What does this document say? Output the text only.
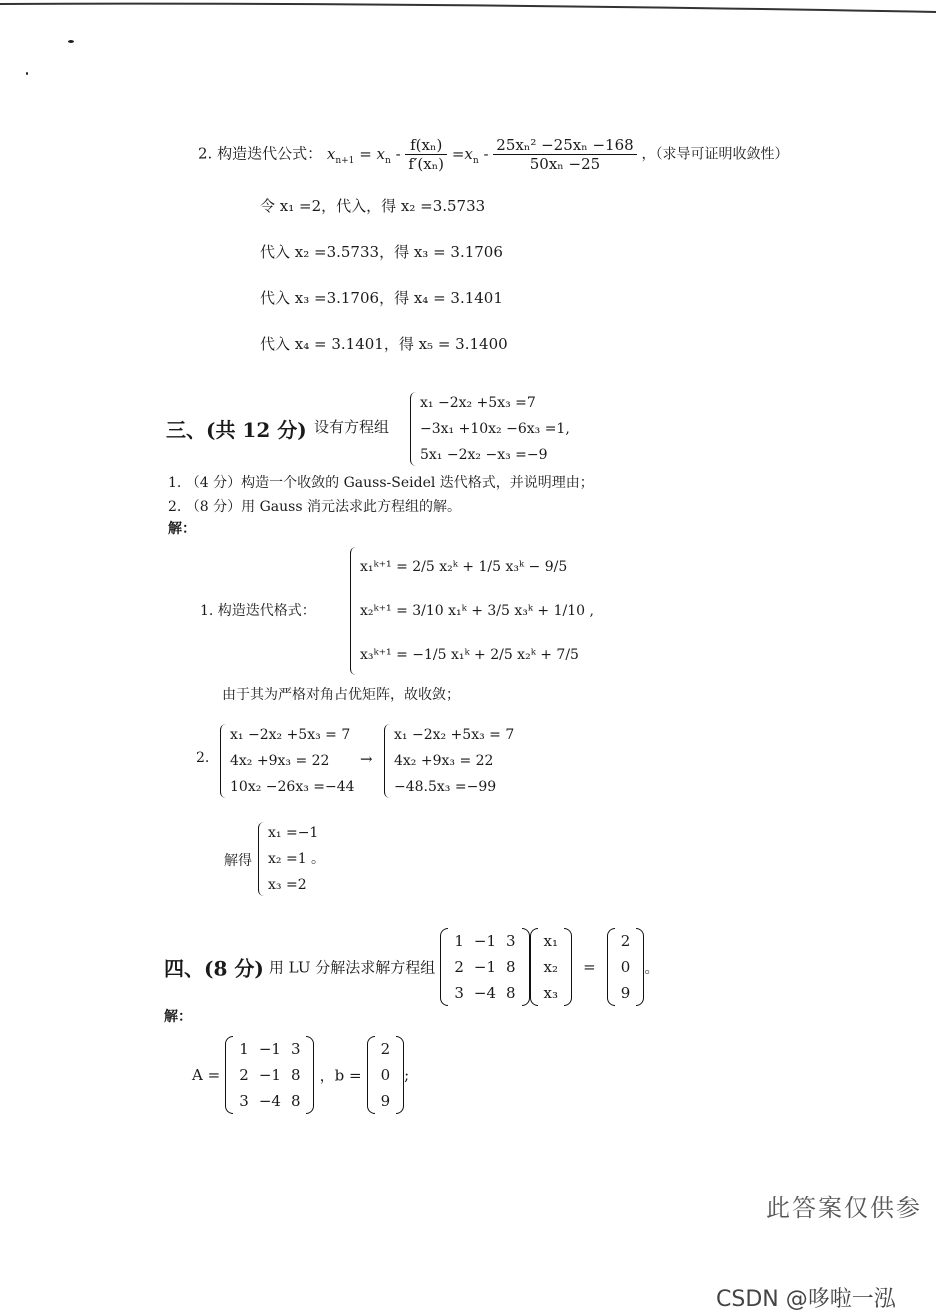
2. 构造迭代公式： $x_{n+1} = x_n - \frac{\text{f(xₙ)}}{\text{f′(xₙ)}} =x_n - \frac{\text{25xₙ² −25xₙ −168}}{\text{50xₙ −25}}$ ，（求导可证明收敛性）
令 x₁ =2，代入，得 x₂ =3.5733
代入 x₂ =3.5733，得 x₃ = 3.1706
代入 x₃ =3.1706，得 x₄ = 3.1401
代入 x₄ = 3.1401，得 x₅ = 3.1400
三、(共 12 分) 设有方程组
x₁ −2x₂ +5x₃ =7
−3x₁ +10x₂ −6x₃ =1,
5x₁ −2x₂ −x₃ =−9
1. （4 分）构造一个收敛的 Gauss-Seidel 迭代格式，并说明理由；
2. （8 分）用 Gauss 消元法求此方程组的解。
解：
1. 构造迭代格式：
x₁ᵏ⁺¹ = 2/5 x₂ᵏ + 1/5 x₃ᵏ − 9/5
x₂ᵏ⁺¹ = 3/10 x₁ᵏ + 3/5 x₃ᵏ + 1/10 ,
x₃ᵏ⁺¹ = −1/5 x₁ᵏ + 2/5 x₂ᵏ + 7/5
由于其为严格对角占优矩阵，故收敛；
2.
x₁ −2x₂ +5x₃ = 7
4x₂ +9x₃ = 22
10x₂ −26x₃ =−44
→
x₁ −2x₂ +5x₃ = 7
4x₂ +9x₃ = 22
−48.5x₃ =−99
解得
x₁ =−1
x₂ =1 。
x₃ =2
四、(8 分) 用 LU 分解法求解方程组
1	−1	3
2	−1	8
3	−4	8
x₁
x₂
x₃
=
2
0
9
。
解：
A =
1	−1	3
2	−1	8
3	−4	8
，b =
2
0
9
;
此答案仅供参
CSDN @哆啦一泓
